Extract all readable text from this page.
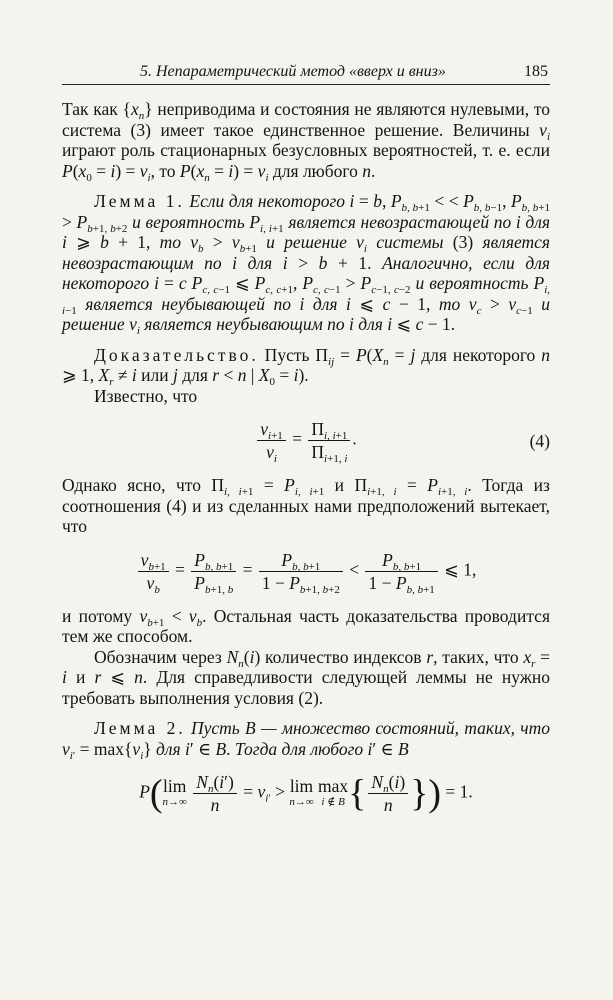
5. Непараметрический метод «вверх и вниз»	185

Так как $\{x_n\}$ неприводима и состояния не являются нулевыми, то система (3) имеет такое единственное решение. Величины $v_i$ играют роль стационарных безусловных вероятностей, т. е. если $P(x_0 = i) = v_i$, то $P(x_n = i) = v_i$ для любого n.

Лемма 1. Если для некоторого i = b, $P_{b, b+1}$ < < $P_{b, b-1}$, $P_{b, b+1} > P_{b+1, b+2}$ и вероятность $P_{i, i+1}$ является невозрастающей по i для i ⩾ b + 1, то $v_b > v_{b+1}$ и решение $v_i$ системы (3) является невозрастающим по i для i > b + 1. Аналогично, если для некоторого i = c $P_{c, c-1}$ ⩽ $P_{c, c+1}$, $P_{c, c-1} > P_{c-1, c-2}$ и вероятность $P_{i, i-1}$ является неубывающей по i для i ⩽ c − 1, то $v_c > v_{c-1}$ и решение $v_i$ является неубывающим по i для i ⩽ c − 1.

Доказательство. Пусть $\Pi_{ij} = P(X_n = j$ для некоторого n ⩾ 1, $X_r \ne i$ или j для r < n | $X_0 = i$).

Известно, что

$\frac{v_{i+1}}{v_i} = \frac{\Pi_{i, i+1}}{\Pi_{i+1, i}}$ .	(4)

Однако ясно, что $\Pi_{i, i+1} = P_{i, i+1}$ и $\Pi_{i+1, i} = P_{i+1, i}$. Тогда из соотношения (4) и из сделанных нами предположений вытекает, что

$\frac{v_{b+1}}{v_b} = \frac{P_{b, b+1}}{P_{b+1, b}} = \frac{P_{b, b+1}}{1 - P_{b+1, b+2}} < \frac{P_{b, b+1}}{1 - P_{b, b+1}}$ ⩽ 1,

и потому $v_{b+1} < v_b$. Остальная часть доказательства проводится тем же способом.

Обозначим через $N_n(i)$ количество индексов r, таких, что $x_r = i$ и r ⩽ n. Для справедливости следующей леммы не нужно требовать выполнения условия (2).

Лемма 2. Пусть B — множество состояний, таких, что $v_{i'} = \max\{v_i\}$ для i′ ∈ B. Тогда для любого i′ ∈ B

P( lim
n→∞
$\frac{N_n(i')}{n} = v_{i'} > \lim$
n→∞

max
i ∉ B { $\frac{N_n(i)}{n}$ }) = 1.
